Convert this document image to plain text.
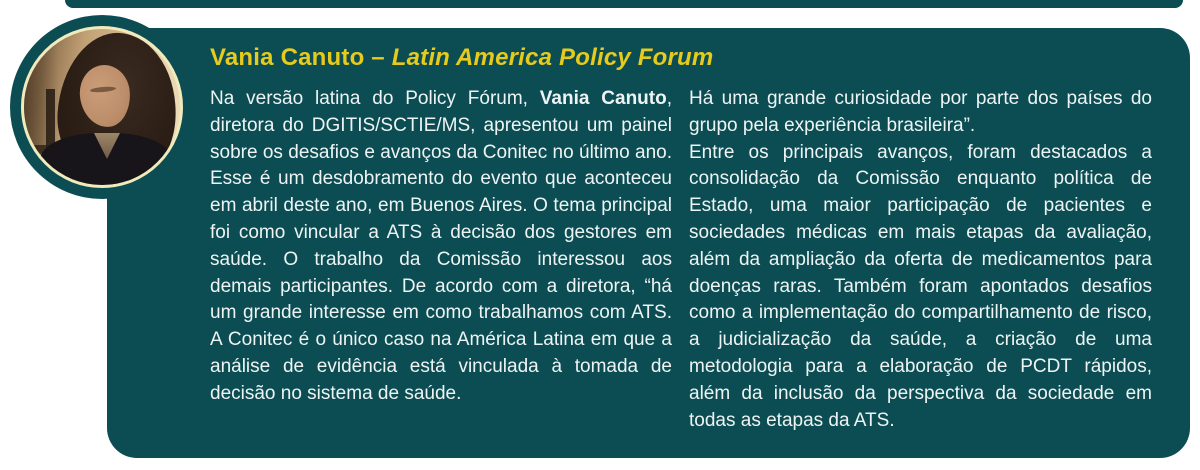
Vania Canuto – Latin America Policy Forum

Na versão latina do Policy Fórum, Vania Canuto, diretora do DGITIS/SCTIE/MS, apresentou um painel sobre os desafios e avanços da Conitec no último ano. Esse é um desdobramento do evento que aconteceu em abril deste ano, em Buenos Aires. O tema principal foi como vincular a ATS à decisão dos gestores em saúde. O trabalho da Comissão interessou aos demais participantes. De acordo com a diretora, “há um grande interesse em como trabalhamos com ATS. A Conitec é o único caso na América Latina em que a análise de evidência está vinculada à tomada de decisão no sistema de saúde.

Há uma grande curiosidade por parte dos países do grupo pela experiência brasileira”.

Entre os principais avanços, foram destacados a consolidação da Comissão enquanto política de Estado, uma maior participação de pacientes e sociedades médicas em mais etapas da avaliação, além da ampliação da oferta de medicamentos para doenças raras. Também foram apontados desafios como a implementação do compartilhamento de risco, a judicialização da saúde, a criação de uma metodologia para a elaboração de PCDT rápidos, além da inclusão da perspectiva da sociedade em todas as etapas da ATS.
